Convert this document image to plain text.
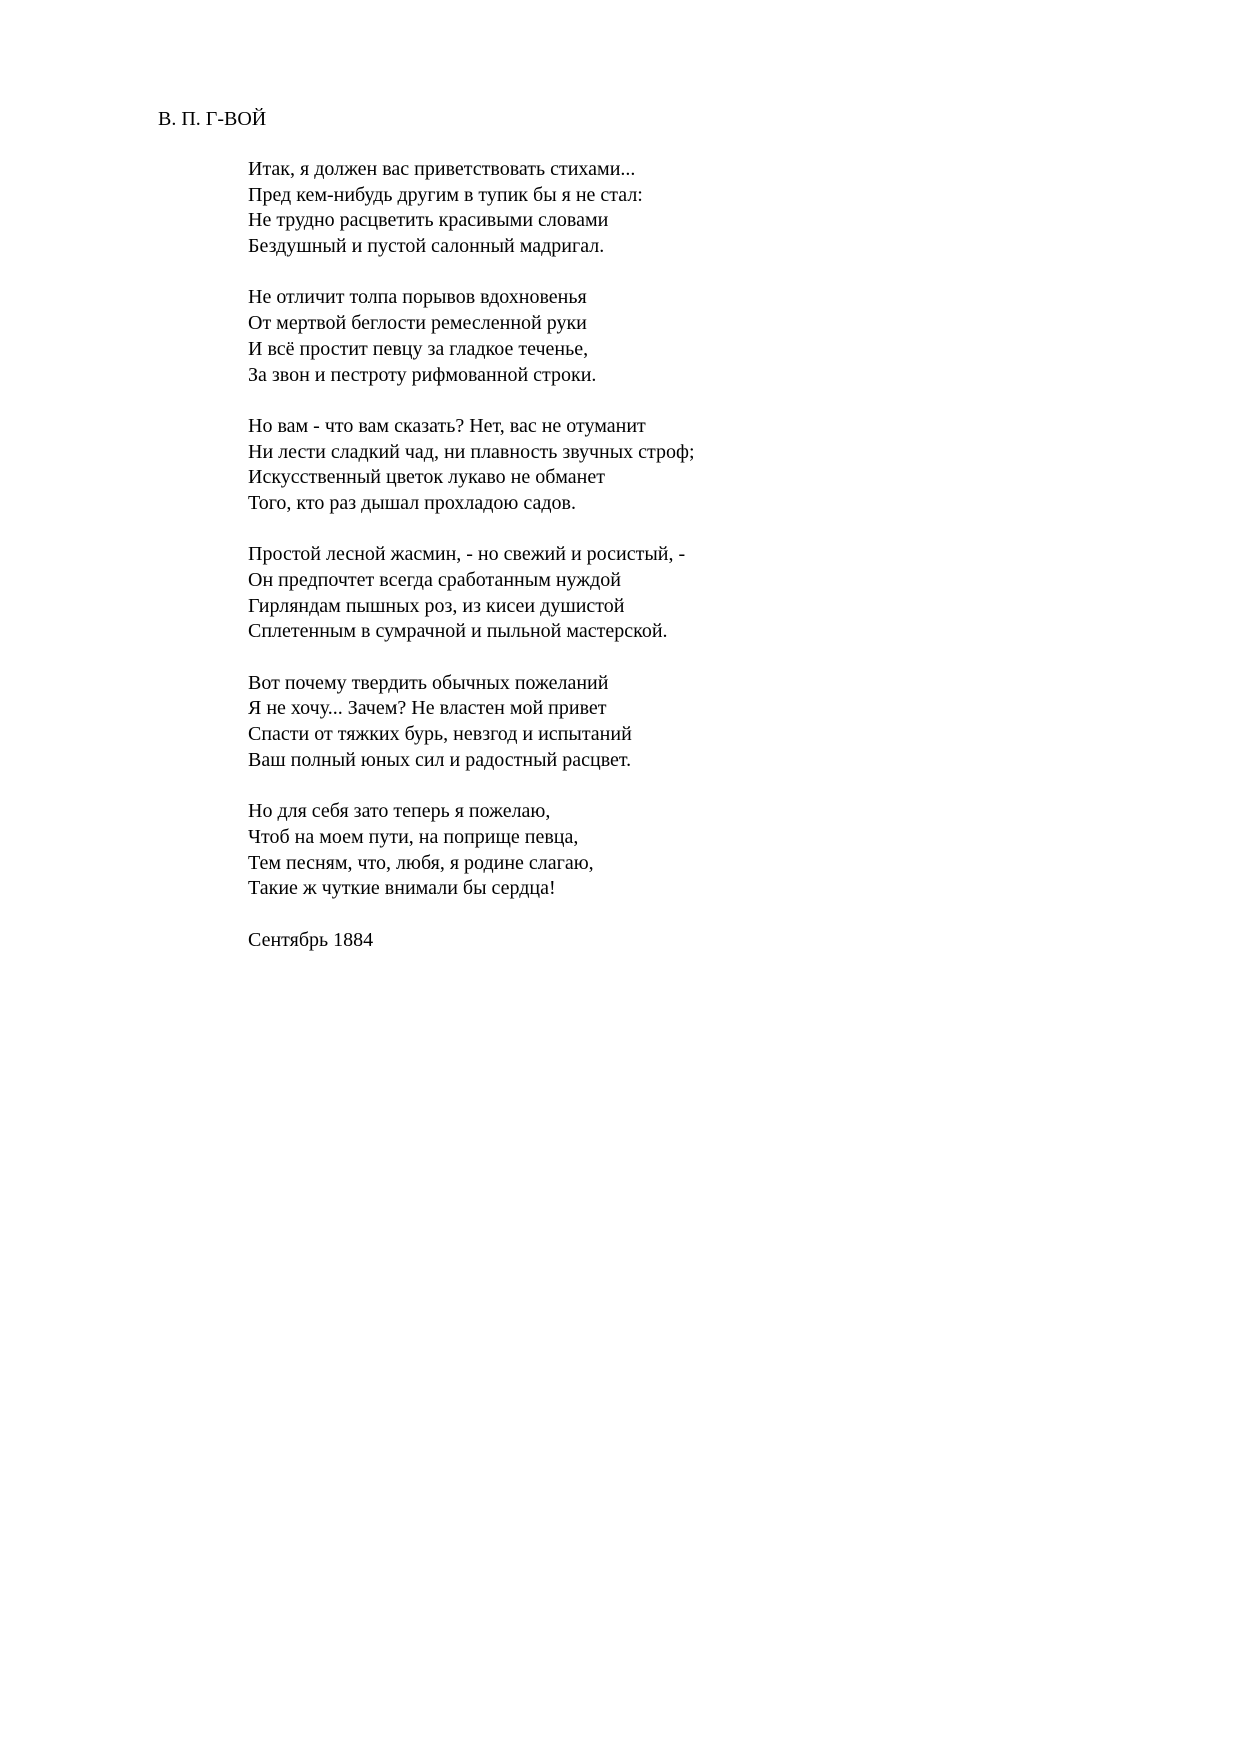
В. П. Г-ВОЙ
Итак, я должен вас приветствовать стихами...
Пред кем-нибудь другим в тупик бы я не стал:
Не трудно расцветить красивыми словами
Бездушный и пустой салонный мадригал.
Не отличит толпа порывов вдохновенья
От мертвой беглости ремесленной руки
И всё простит певцу за гладкое теченье,
За звон и пестроту рифмованной строки.
Но вам - что вам сказать? Нет, вас не отуманит
Ни лести сладкий чад, ни плавность звучных строф;
Искусственный цветок лукаво не обманет
Того, кто раз дышал прохладою садов.
Простой лесной жасмин, - но свежий и росистый, -
Он предпочтет всегда сработанным нуждой
Гирляндам пышных роз, из кисеи душистой
Сплетенным в сумрачной и пыльной мастерской.
Вот почему твердить обычных пожеланий
Я не хочу... Зачем? Не властен мой привет
Спасти от тяжких бурь, невзгод и испытаний
Ваш полный юных сил и радостный расцвет.
Но для себя зато теперь я пожелаю,
Чтоб на моем пути, на поприще певца,
Тем песням, что, любя, я родине слагаю,
Такие ж чуткие внимали бы сердца!
Сентябрь 1884
